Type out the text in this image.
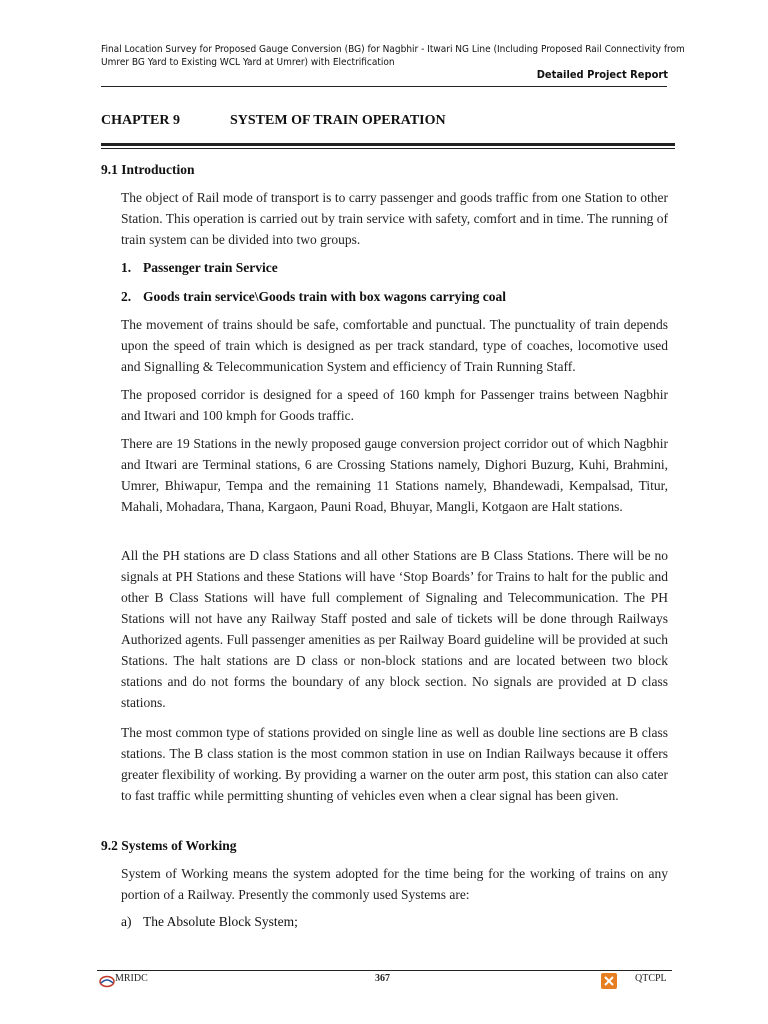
Final Location Survey for Proposed Gauge Conversion (BG) for Nagbhir - Itwari NG Line (Including Proposed Rail Connectivity from
Umrer BG Yard to Existing WCL Yard at Umrer) with Electrification
Detailed Project Report
CHAPTER 9	SYSTEM OF TRAIN OPERATION
9.1 Introduction
The object of Rail mode of transport is to carry passenger and goods traffic from one Station to other Station. This operation is carried out by train service with safety, comfort and in time. The running of train system can be divided into two groups.
1. Passenger train Service
2. Goods train service\Goods train with box wagons carrying coal
The movement of trains should be safe, comfortable and punctual. The punctuality of train depends upon the speed of train which is designed as per track standard, type of coaches, locomotive used and Signalling & Telecommunication System and efficiency of Train Running Staff.
The proposed corridor is designed for a speed of 160 kmph for Passenger trains between Nagbhir and Itwari and 100 kmph for Goods traffic.
There are 19 Stations in the newly proposed gauge conversion project corridor out of which Nagbhir and Itwari are Terminal stations, 6 are Crossing Stations namely, Dighori Buzurg, Kuhi, Brahmini, Umrer, Bhiwapur, Tempa and the remaining 11 Stations namely, Bhandewadi, Kempalsad, Titur, Mahali, Mohadara, Thana, Kargaon, Pauni Road, Bhuyar, Mangli, Kotgaon are Halt stations.
All the PH stations are D class Stations and all other Stations are B Class Stations. There will be no signals at PH Stations and these Stations will have ‘Stop Boards’ for Trains to halt for the public and other B Class Stations will have full complement of Signaling and Telecommunication. The PH Stations will not have any Railway Staff posted and sale of tickets will be done through Railways Authorized agents. Full passenger amenities as per Railway Board guideline will be provided at such Stations. The halt stations are D class or non-block stations and are located between two block stations and do not forms the boundary of any block section. No signals are provided at D class stations.
The most common type of stations provided on single line as well as double line sections are B class stations. The B class station is the most common station in use on Indian Railways because it offers greater flexibility of working. By providing a warner on the outer arm post, this station can also cater to fast traffic while permitting shunting of vehicles even when a clear signal has been given.
9.2 Systems of Working
System of Working means the system adopted for the time being for the working of trains on any portion of a Railway. Presently the commonly used Systems are:
a) The Absolute Block System;
MRIDC	367	QTCPL
